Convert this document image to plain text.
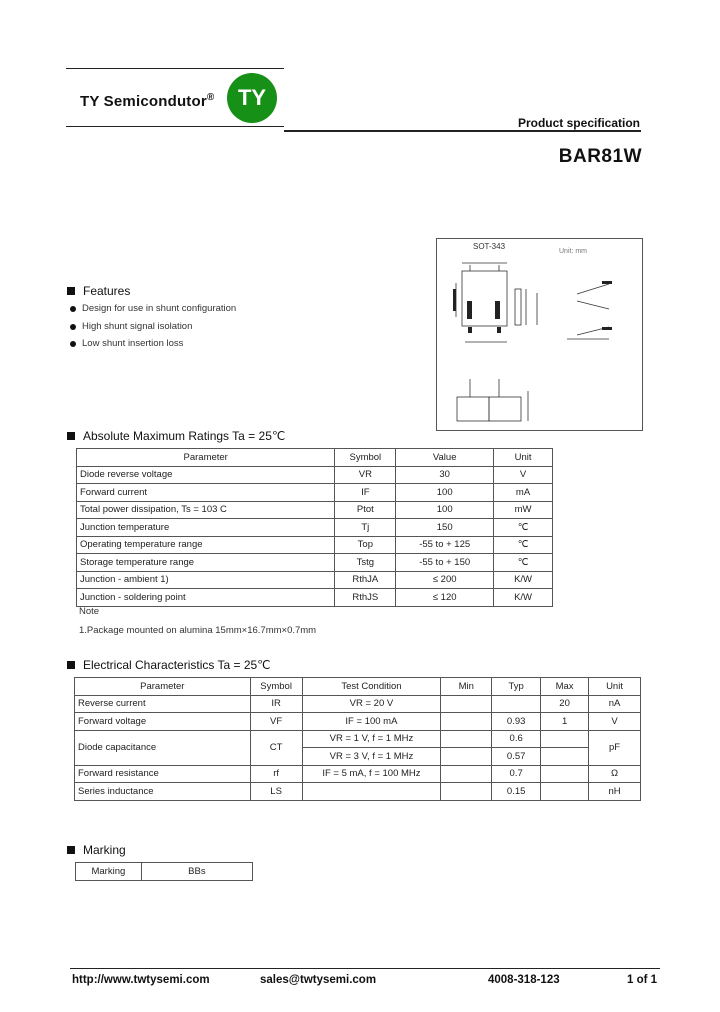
TY Semicondutor® TY
Product specification
BAR81W
SOT-343
Unit: mm
Features
Design for use in shunt configuration
High shunt signal isolation
Low shunt insertion loss
Absolute Maximum Ratings Ta = 25℃
Parameter	Symbol	Value	Unit
Diode reverse voltage	VR	30	V
Forward current	IF	100	mA
Total power dissipation, Ts = 103 C	Ptot	100	mW
Junction temperature	Tj	150	℃
Operating temperature range	Top	-55 to + 125	℃
Storage temperature range	Tstg	-55 to + 150	℃
Junction - ambient 1)	RthJA	≤ 200	K/W
Junction - soldering point	RthJS	≤ 120	K/W
Note
1.Package mounted on alumina 15mm×16.7mm×0.7mm
Electrical Characteristics Ta = 25℃
Parameter	Symbol	Test Condition	Min	Typ	Max	Unit
Reverse current	IR	VR = 20 V			20	nA
Forward voltage	VF	IF = 100 mA		0.93	1	V
Diode capacitance	CT	VR = 1 V, f = 1 MHz		0.6		pF
		VR = 3 V, f = 1 MHz		0.57		
Forward resistance	rf	IF = 5 mA, f = 100 MHz		0.7		Ω
Series inductance	LS			0.15		nH
Marking
Marking	BBs
http://www.twtysemi.com	sales@twtysemi.com	4008-318-123	1 of 1
